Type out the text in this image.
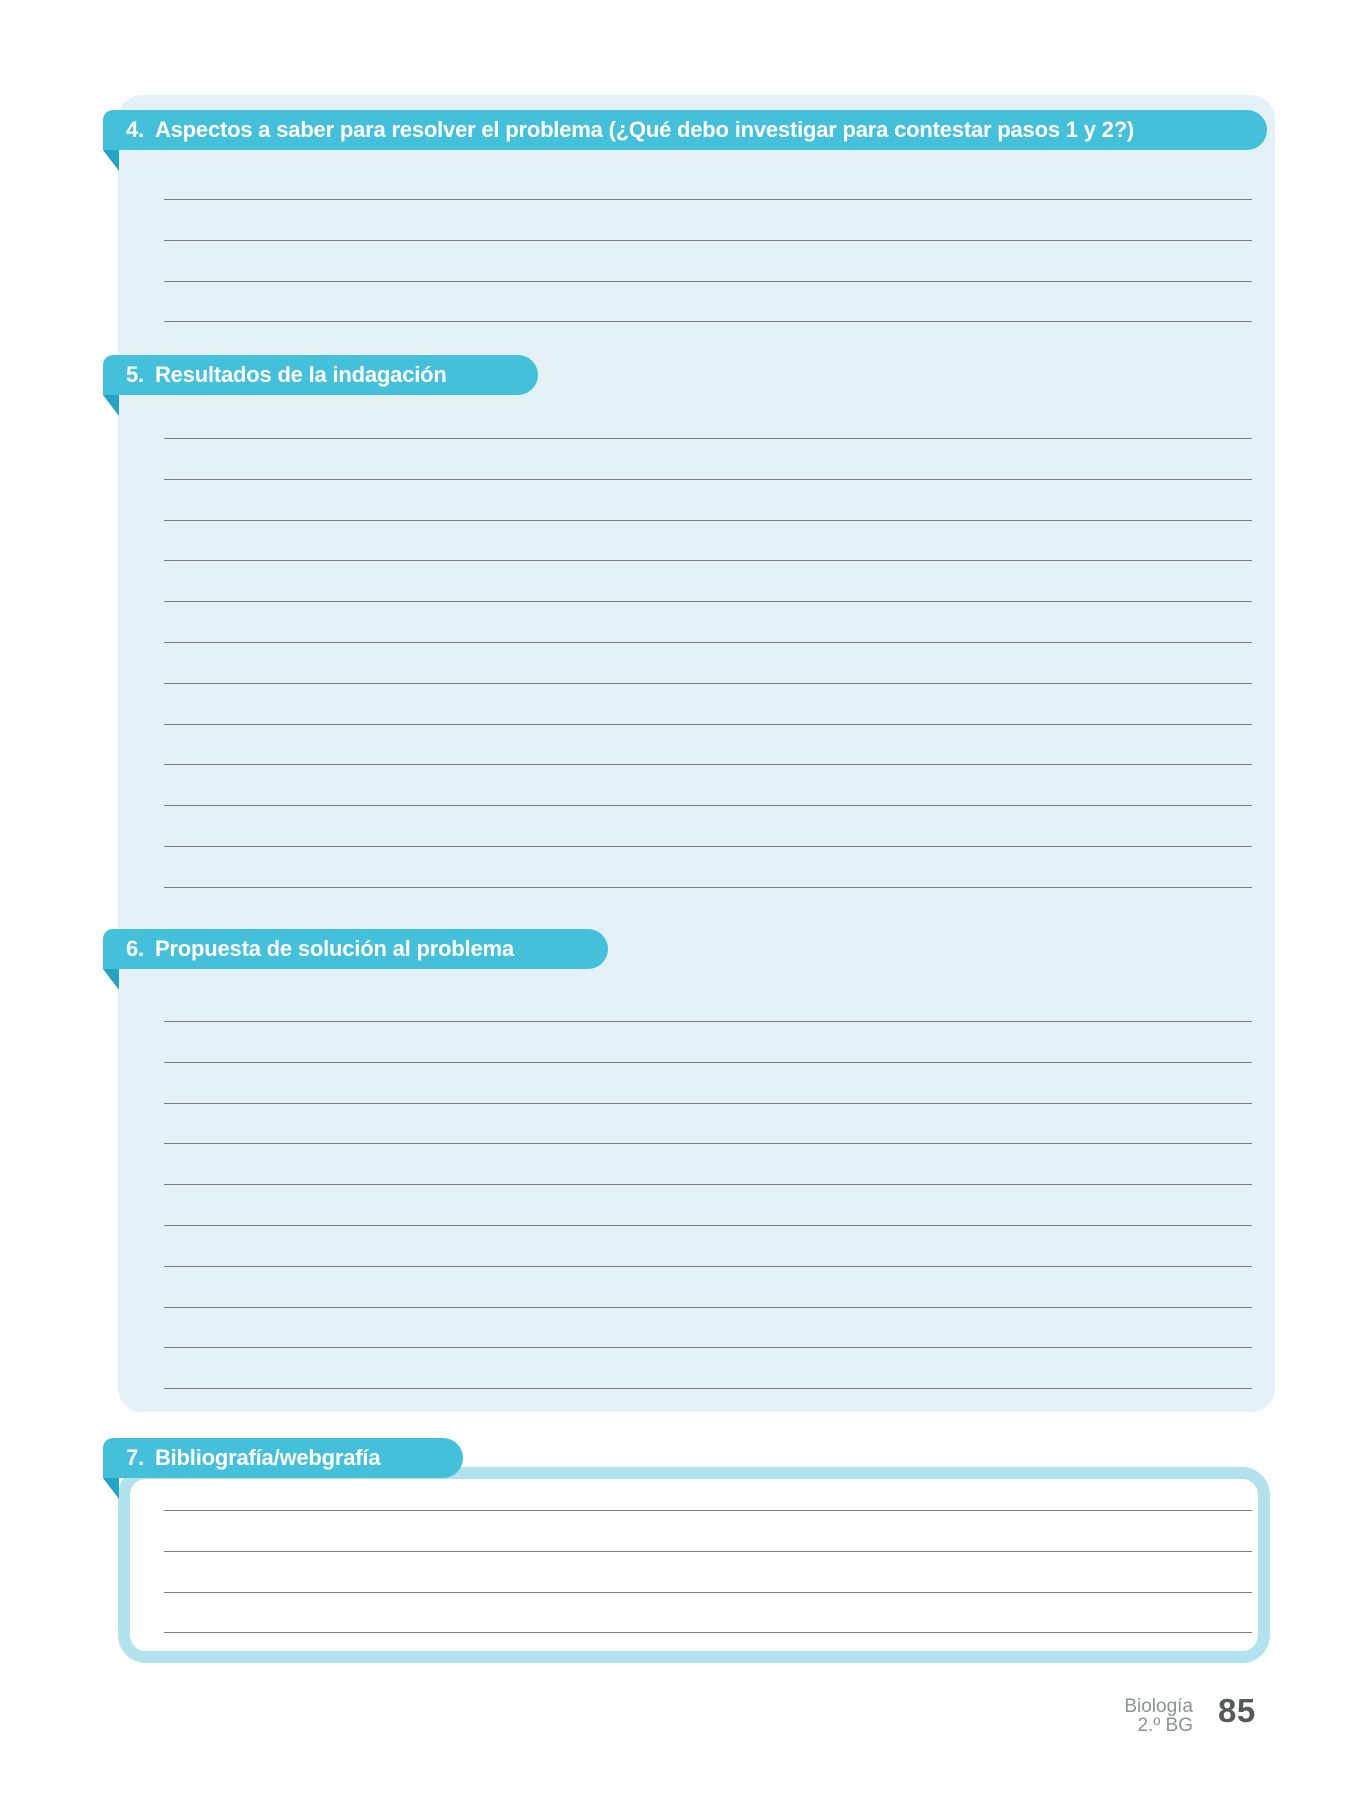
4. Aspectos a saber para resolver el problema (¿Qué debo investigar para contestar pasos 1 y 2?)
5. Resultados de la indagación
6. Propuesta de solución al problema
7. Bibliografía/webgrafía
Biología
2.º BG 85
